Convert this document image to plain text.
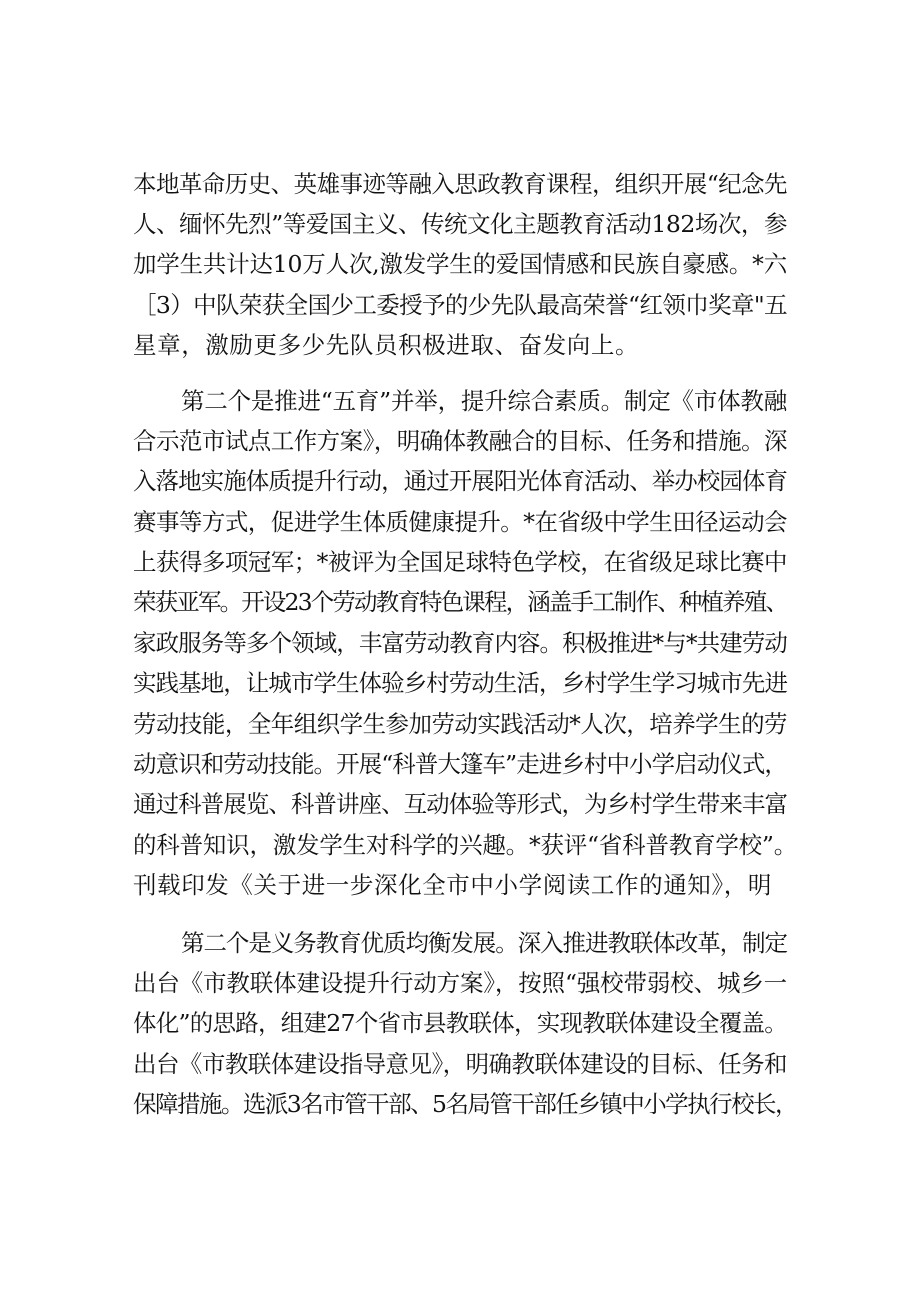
本地革命历史、英雄事迹等融入思政教育课程，组织开展“纪念先
人、缅怀先烈”等爱国主义、传统文化主题教育活动182场次，参
加学生共计达10万人次,激发学生的爱国情感和民族自豪感。*六
［3）中队荣获全国少工委授予的少先队最高荣誉“红领巾奖章"五
星章，激励更多少先队员积极进取、奋发向上。
第二个是推进“五育”并举，提升综合素质。制定《市体教融
合示范市试点工作方案》，明确体教融合的目标、任务和措施。深
入落地实施体质提升行动，通过开展阳光体育活动、举办校园体育
赛事等方式，促进学生体质健康提升。*在省级中学生田径运动会
上获得多项冠军；*被评为全国足球特色学校，在省级足球比赛中
荣获亚军。开设23个劳动教育特色课程，涵盖手工制作、种植养殖、
家政服务等多个领域，丰富劳动教育内容。积极推进*与*共建劳动
实践基地，让城市学生体验乡村劳动生活，乡村学生学习城市先进
劳动技能，全年组织学生参加劳动实践活动*人次，培养学生的劳
动意识和劳动技能。开展“科普大篷车”走进乡村中小学启动仪式，
通过科普展览、科普讲座、互动体验等形式，为乡村学生带来丰富
的科普知识，激发学生对科学的兴趣。*获评“省科普教育学校”。
刊载印发《关于进一步深化全市中小学阅读工作的通知》，明
第二个是义务教育优质均衡发展。深入推进教联体改革，制定
出台《市教联体建设提升行动方案》，按照“强校带弱校、城乡一
体化”的思路，组建27个省市县教联体，实现教联体建设全覆盖。
出台《市教联体建设指导意见》，明确教联体建设的目标、任务和
保障措施。选派3名市管干部、5名局管干部任乡镇中小学执行校长，
